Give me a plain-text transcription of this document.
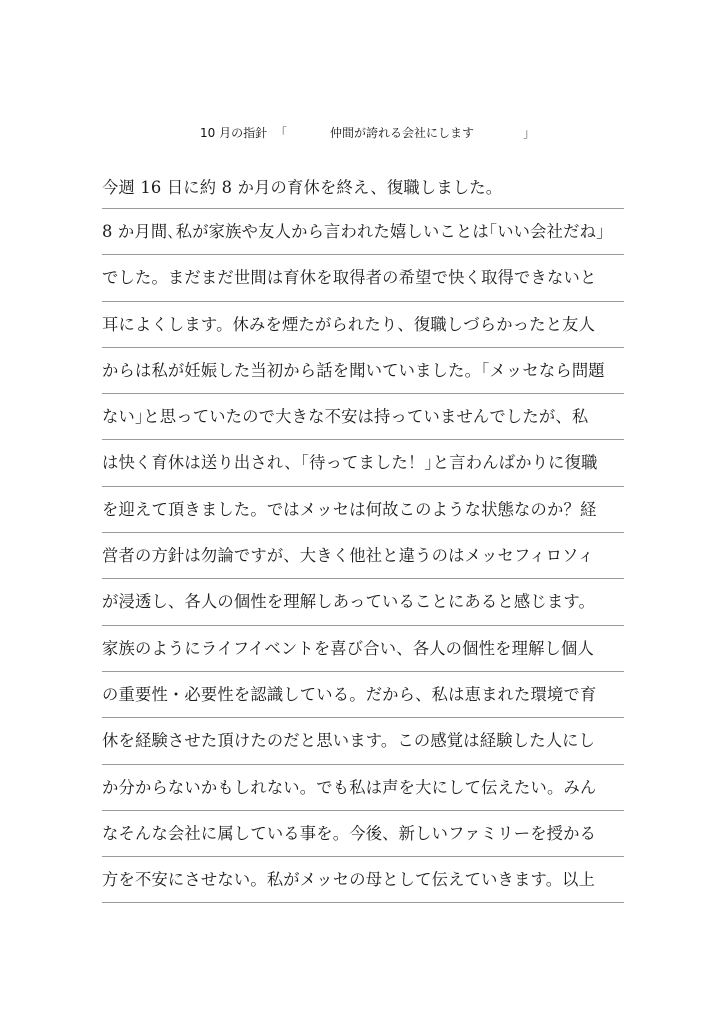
10 月の指針 「	仲間が誇れる会社にします	」
今週 16 日に約 8 か月の育休を終え、復職しました。
8 か月間､私が家族や友人から言われた嬉しいことは｢いい会社だね｣
でした。まだまだ世間は育休を取得者の希望で快く取得できないと
耳によくします。休みを煙たがられたり、復職しづらかったと友人
からは私が妊娠した当初から話を聞いていました。｢メッセなら問題
ない｣と思っていたので大きな不安は持っていませんでしたが、私
は快く育休は送り出され、｢待ってました！｣と言わんばかりに復職
を迎えて頂きました。ではメッセは何故このような状態なのか？経
営者の方針は勿論ですが、大きく他社と違うのはメッセフィロソィ
が浸透し、各人の個性を理解しあっていることにあると感じます。
家族のようにライフイベントを喜び合い、各人の個性を理解し個人
の重要性・必要性を認識している。だから、私は恵まれた環境で育
休を経験させた頂けたのだと思います。この感覚は経験した人にし
か分からないかもしれない。でも私は声を大にして伝えたい。みん
なそんな会社に属している事を。今後、新しいファミリーを授かる
方を不安にさせない。私がメッセの母として伝えていきます。以上
